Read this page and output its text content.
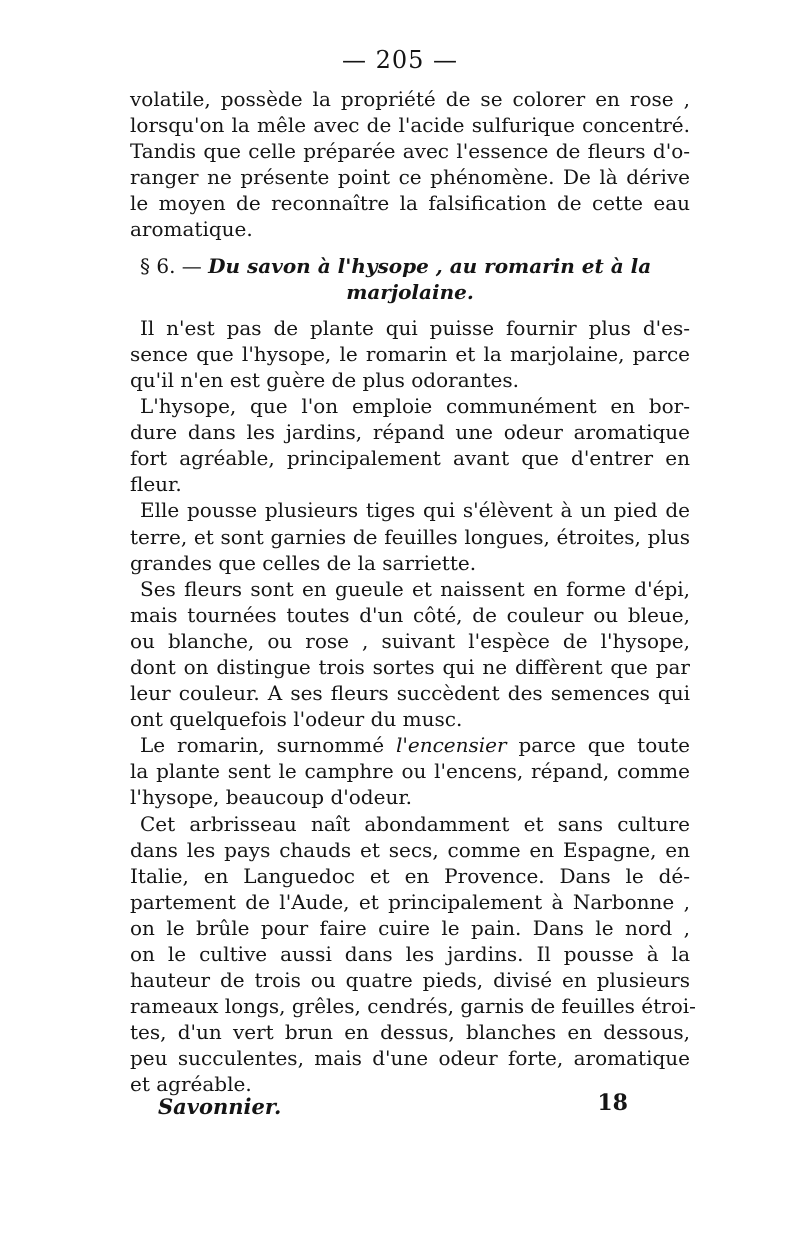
— 205 —
volatile, possède la propriété de se colorer en rose ,
lorsqu'on la mêle avec de l'acide sulfurique concentré.
Tandis que celle préparée avec l'essence de fleurs d'o-
ranger ne présente point ce phénomène. De là dérive
le moyen de reconnaître la falsification de cette eau
aromatique.
§ 6. — Du savon à l'hysope , au romarin et à la
marjolaine.
Il n'est pas de plante qui puisse fournir plus d'es-
sence que l'hysope, le romarin et la marjolaine, parce
qu'il n'en est guère de plus odorantes.
L'hysope, que l'on emploie communément en bor-
dure dans les jardins, répand une odeur aromatique
fort agréable, principalement avant que d'entrer en
fleur.
Elle pousse plusieurs tiges qui s'élèvent à un pied de
terre, et sont garnies de feuilles longues, étroites, plus
grandes que celles de la sarriette.
Ses fleurs sont en gueule et naissent en forme d'épi,
mais tournées toutes d'un côté, de couleur ou bleue,
ou blanche, ou rose , suivant l'espèce de l'hysope,
dont on distingue trois sortes qui ne diffèrent que par
leur couleur. A ses fleurs succèdent des semences qui
ont quelquefois l'odeur du musc.
Le romarin, surnommé l'encensier parce que toute
la plante sent le camphre ou l'encens, répand, comme
l'hysope, beaucoup d'odeur.
Cet arbrisseau naît abondamment et sans culture
dans les pays chauds et secs, comme en Espagne, en
Italie, en Languedoc et en Provence. Dans le dé-
partement de l'Aude, et principalement à Narbonne ,
on le brûle pour faire cuire le pain. Dans le nord ,
on le cultive aussi dans les jardins. Il pousse à la
hauteur de trois ou quatre pieds, divisé en plusieurs
rameaux longs, grêles, cendrés, garnis de feuilles étroi-
tes, d'un vert brun en dessus, blanches en dessous,
peu succulentes, mais d'une odeur forte, aromatique
et agréable.
Savonnier.	18
